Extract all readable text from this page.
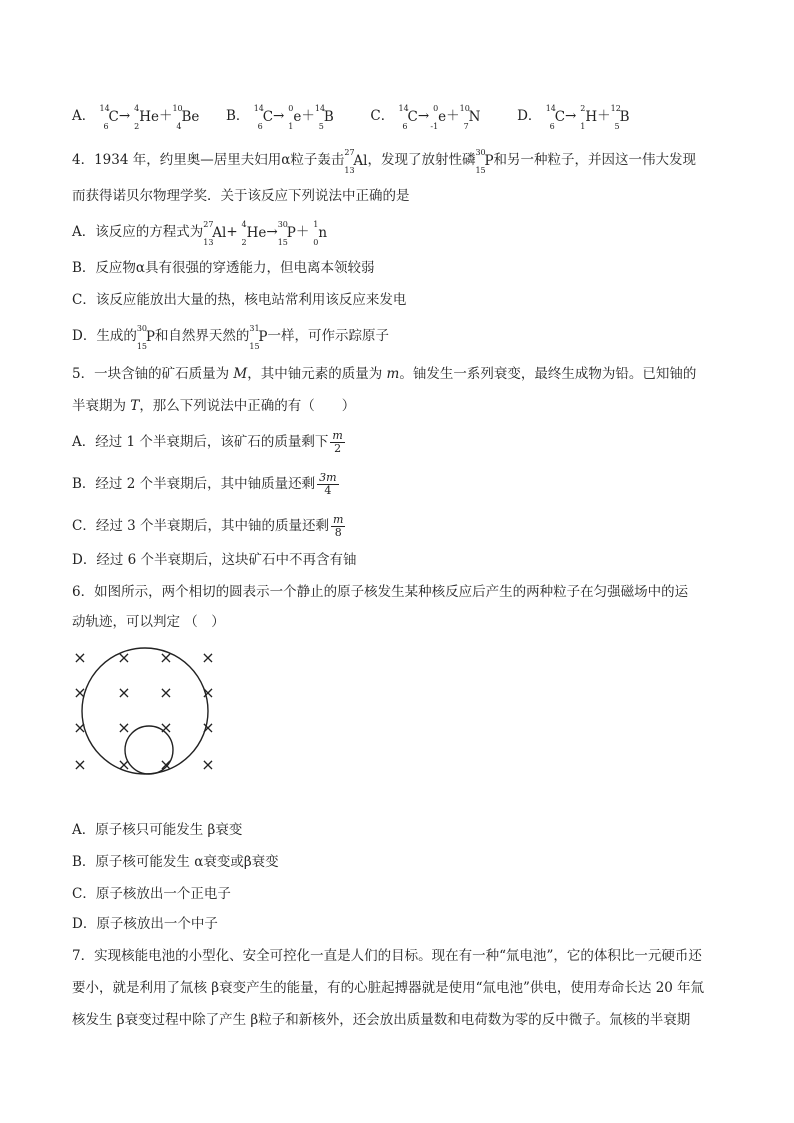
A． 14
6
C→ 4
2
He＋ 10
4
Be B． 14
6
C→ 0
1
e＋ 14
5
B	C． 14
6
C→ 0
-1
e＋ 10
7
N	D． 14
6
C→ 2
1
H＋ 12
5
B
4．1934 年，约里奥—居里夫妇用α粒子轰击 27
13
Al，发现了放射性磷 30
15
P和另一种粒子，并因这一伟大发现
而获得诺贝尔物理学奖．关于该反应下列说法中正确的是
A．该反应的方程式为 27
13
Al+ 4
2
He→ 30
15
P＋ 1
0
n
B．反应物α具有很强的穿透能力，但电离本领较弱
C．该反应能放出大量的热，核电站常利用该反应来发电
D．生成的 30
15
P和自然界天然的 31
15
P一样，可作示踪原子
5．一块含铀的矿石质量为 M，其中铀元素的质量为 m。铀发生一系列衰变，最终生成物为铅。已知铀的
半衰期为 T，那么下列说法中正确的有（　　）
A．经过 1 个半衰期后，该矿石的质量剩下 $\frac{m}{2}$
B．经过 2 个半衰期后，其中铀质量还剩 $\frac{3m}{4}$
C．经过 3 个半衰期后，其中铀的质量还剩 $\frac{m}{8}$
D．经过 6 个半衰期后，这块矿石中不再含有铀
6．如图所示，两个相切的圆表示一个静止的原子核发生某种核反应后产生的两种粒子在匀强磁场中的运
动轨迹，可以判定 （　）
× × × ×
× × × ×
× × × ×
× × × ×
A．原子核只可能发生 β衰变
B．原子核可能发生 α衰变或β衰变
C．原子核放出一个正电子
D．原子核放出一个中子
7．实现核能电池的小型化、安全可控化一直是人们的目标。现在有一种“氚电池”，它的体积比一元硬币还
要小，就是利用了氚核 β衰变产生的能量，有的心脏起搏器就是使用“氚电池”供电，使用寿命长达 20 年氚
核发生 β衰变过程中除了产生 β粒子和新核外，还会放出质量数和电荷数为零的反中微子。氚核的半衰期
